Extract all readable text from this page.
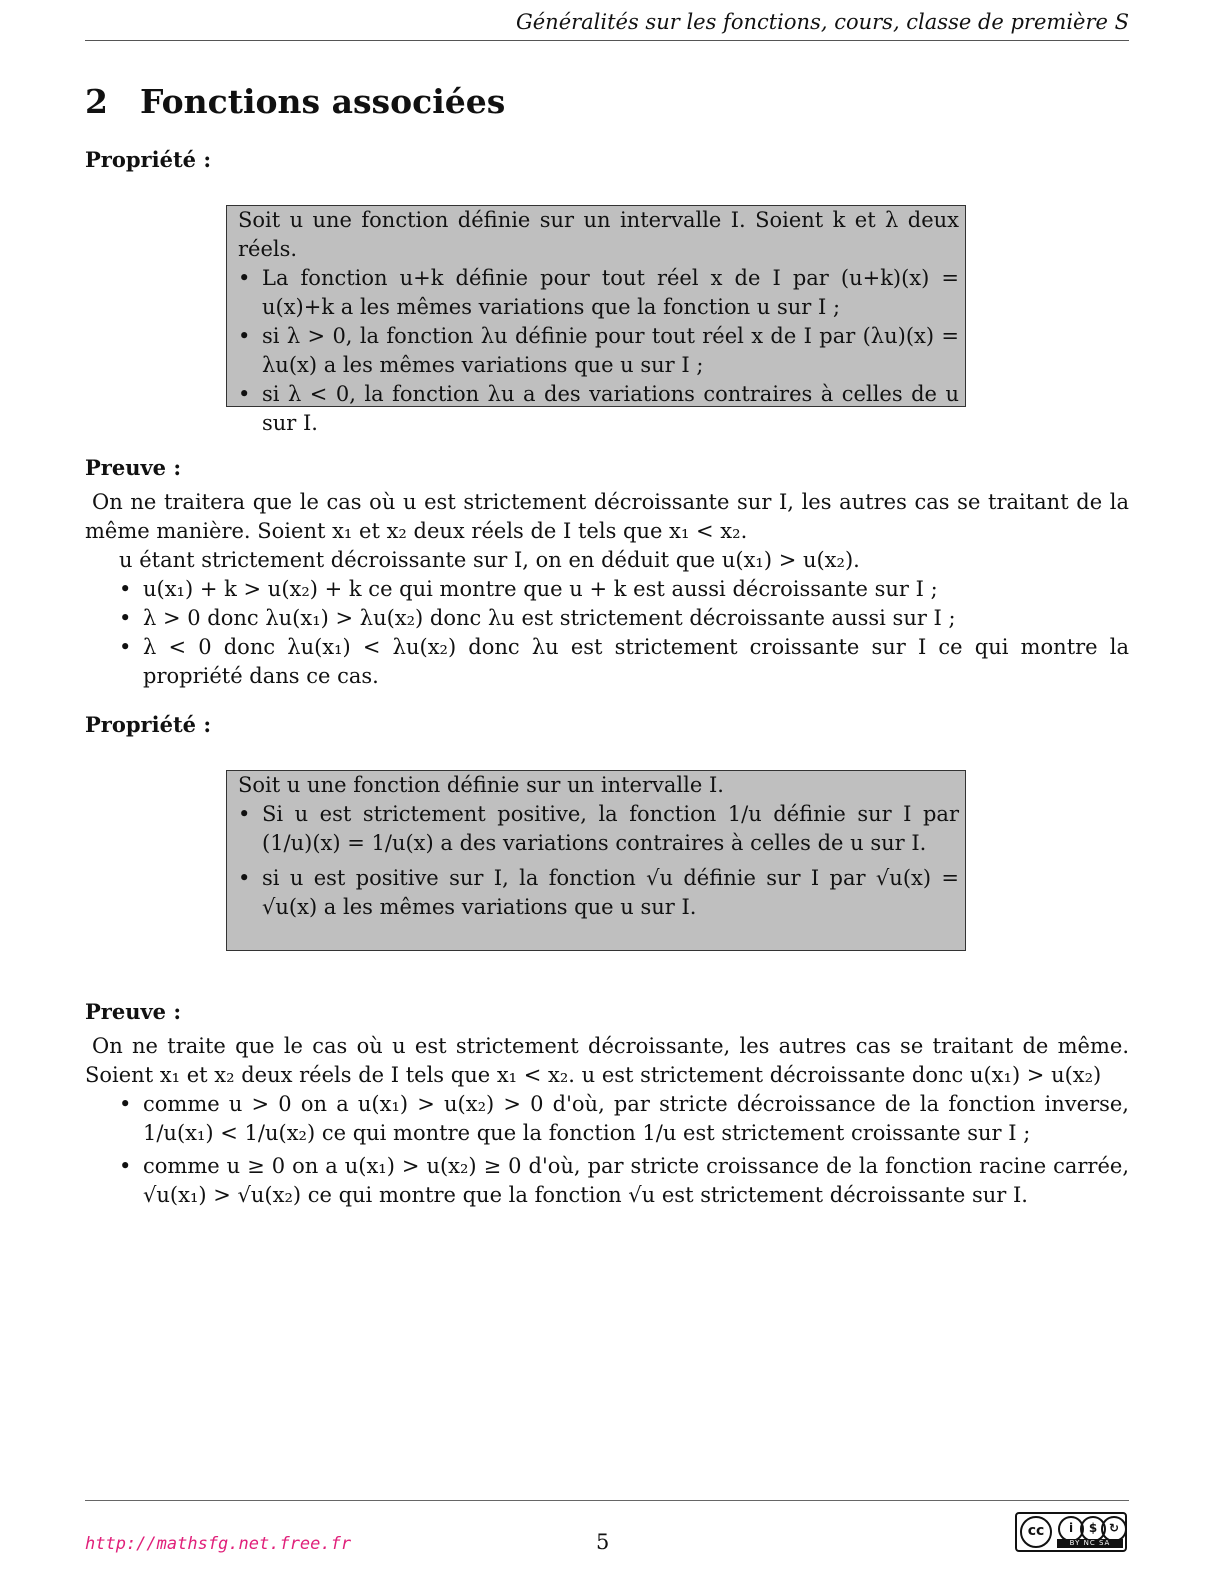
Généralités sur les fonctions, cours, classe de première S
2 Fonctions associées
Propriété :
Soit u une fonction définie sur un intervalle I. Soient k et λ deux réels.
• La fonction u+k définie pour tout réel x de I par (u+k)(x) = u(x)+k a les mêmes variations que la fonction u sur I ;
• si λ > 0, la fonction λu définie pour tout réel x de I par (λu)(x) = λu(x) a les mêmes variations que u sur I ;
• si λ < 0, la fonction λu a des variations contraires à celles de u sur I.
Preuve :
On ne traitera que le cas où u est strictement décroissante sur I, les autres cas se traitant de la même manière. Soient x₁ et x₂ deux réels de I tels que x₁ < x₂.
u étant strictement décroissante sur I, on en déduit que u(x₁) > u(x₂).
• u(x₁) + k > u(x₂) + k ce qui montre que u + k est aussi décroissante sur I ;
• λ > 0 donc λu(x₁) > λu(x₂) donc λu est strictement décroissante aussi sur I ;
• λ < 0 donc λu(x₁) < λu(x₂) donc λu est strictement croissante sur I ce qui montre la propriété dans ce cas.
Propriété :
Soit u une fonction définie sur un intervalle I.
• Si u est strictement positive, la fonction 1/u définie sur I par (1/u)(x) = 1/u(x) a des variations contraires à celles de u sur I.
• si u est positive sur I, la fonction √u définie sur I par √u(x) = √u(x) a les mêmes variations que u sur I.
Preuve :
On ne traite que le cas où u est strictement décroissante, les autres cas se traitant de même. Soient x₁ et x₂ deux réels de I tels que x₁ < x₂. u est strictement décroissante donc u(x₁) > u(x₂)
• comme u > 0 on a u(x₁) > u(x₂) > 0 d'où, par stricte décroissance de la fonction inverse, 1/u(x₁) < 1/u(x₂) ce qui montre que la fonction 1/u est strictement croissante sur I ;
• comme u ≥ 0 on a u(x₁) > u(x₂) ≥ 0 d'où, par stricte croissance de la fonction racine carrée, √u(x₁) > √u(x₂) ce qui montre que la fonction √u est strictement décroissante sur I.
http://mathsfg.net.free.fr	5	cc	i	$ ↻
BY NC SA
